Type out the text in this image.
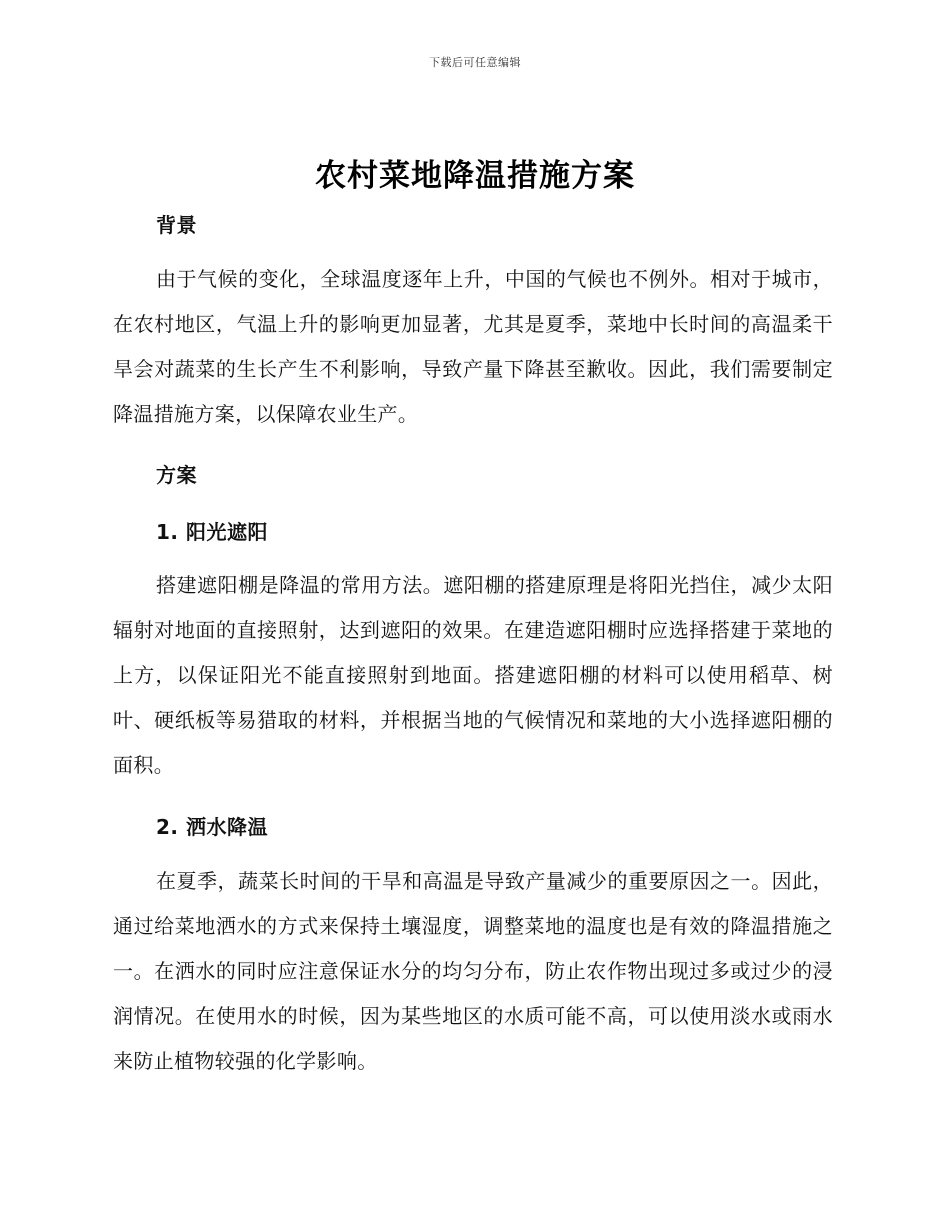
下载后可任意编辑
农村菜地降温措施方案
背景
由于气候的变化，全球温度逐年上升，中国的气候也不例外。相对于城市，在农村地区，气温上升的影响更加显著，尤其是夏季，菜地中长时间的高温柔干旱会对蔬菜的生长产生不利影响，导致产量下降甚至歉收。因此，我们需要制定降温措施方案，以保障农业生产。
方案
1. 阳光遮阳
搭建遮阳棚是降温的常用方法。遮阳棚的搭建原理是将阳光挡住，减少太阳辐射对地面的直接照射，达到遮阳的效果。在建造遮阳棚时应选择搭建于菜地的上方，以保证阳光不能直接照射到地面。搭建遮阳棚的材料可以使用稻草、树叶、硬纸板等易猎取的材料，并根据当地的气候情况和菜地的大小选择遮阳棚的面积。
2. 洒水降温
在夏季，蔬菜长时间的干旱和高温是导致产量减少的重要原因之一。因此，通过给菜地洒水的方式来保持土壤湿度，调整菜地的温度也是有效的降温措施之一。在洒水的同时应注意保证水分的均匀分布，防止农作物出现过多或过少的浸润情况。在使用水的时候，因为某些地区的水质可能不高，可以使用淡水或雨水来防止植物较强的化学影响。
